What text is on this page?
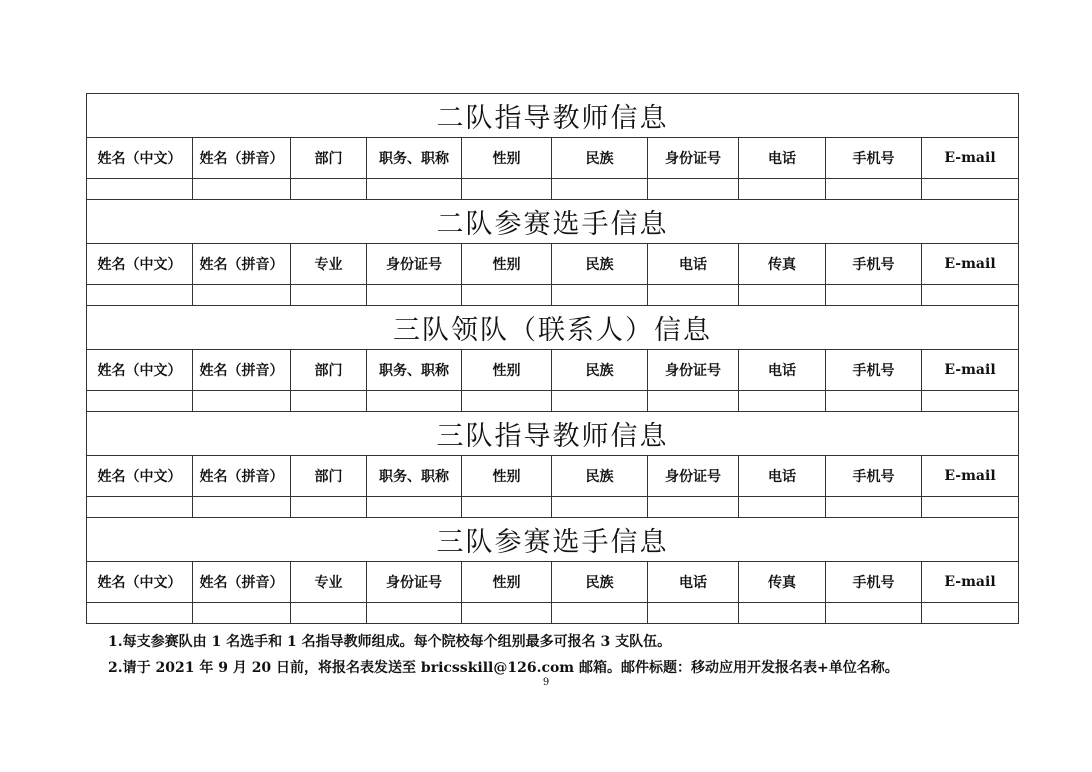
二队指导教师信息									
姓名（中文）	姓名（拼音）	部门	职务、职称	性别	民族	身份证号	电话	手机号	E-mail

二队参赛选手信息									
姓名（中文）	姓名（拼音）	专业	身份证号	性别	民族	电话	传真	手机号	E-mail

三队领队（联系人）信息									
姓名（中文）	姓名（拼音）	部门	职务、职称	性别	民族	身份证号	电话	手机号	E-mail

三队指导教师信息									
姓名（中文）	姓名（拼音）	部门	职务、职称	性别	民族	身份证号	电话	手机号	E-mail

三队参赛选手信息									
姓名（中文）	姓名（拼音）	专业	身份证号	性别	民族	电话	传真	手机号	E-mail

1.每支参赛队由 1 名选手和 1 名指导教师组成。每个院校每个组别最多可报名 3 支队伍。
2.请于 2021 年 9 月 20 日前，将报名表发送至 bricsskill@126.com 邮箱。邮件标题：移动应用开发报名表+单位名称。
9
